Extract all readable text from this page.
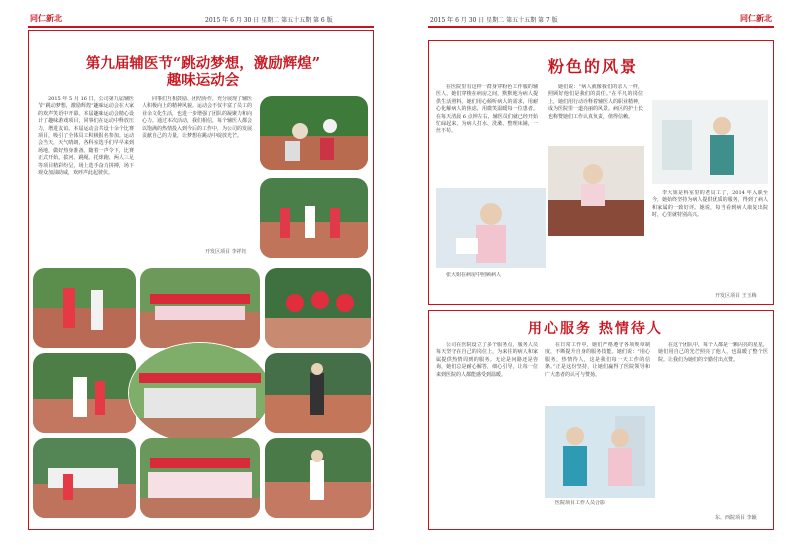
同仁新北	2015 年 6 月 30 日 星期二 第五十五期 第 6 版
第九届辅医节“跳动梦想，激励辉煌”
趣味运动会

2015 年 5 月 16 日，公司第九届辅医节“跳动梦想，激励辉煌”趣味运动会在大家的欢声笑语中开幕。本届趣味运动会精心设计了趣味游戏项目，同事们在运动中释放压力，增进友谊。本届运动会共设十余个比赛项目，吸引了全体员工积极报名参加。运动会当天，天气晴朗，各科室选手们早早来到场地，做好热身准备。随着一声令下，比赛正式开始。拔河、跳绳、托球跑、两人三足等项目精彩纷呈，场上选手奋力拼搏，场下观众加油助威，欢呼声此起彼伏。

同事们互相鼓励、团结协作，充分展现了辅医人积极向上的精神风貌。运动会不仅丰富了员工的业余文化生活，也进一步增强了团队的凝聚力和向心力。通过本次活动，我们相信，每个辅医人都会以饱满的热情投入到今后的工作中，为公司的发展贡献自己的力量，让梦想在跳动中绽放光芒。

开发区项目 李祥钰
2015 年 6 月 30 日 星期二 第五十五期 第 7 版	同仁新北
粉色的风景

在医院里有这样一群身穿粉色工作服的辅医人，她们穿梭在病房之间，默默地为病人提供生活照料。她们用心倾听病人的需求，用耐心化解病人的焦虑，用微笑温暖每一位患者。在每天清晨 6 点钟左右，辅医员们就已经开始忙碌起来，为病人打水、洗漱、整理床铺，一丝不苟。

她们说：“病人就像我们的亲人一样，照顾好他们是我们的责任。”在平凡的岗位上，她们用行动诠释着辅医人的职业精神，成为医院里一道亮丽的风景。病区的护士长也称赞她们工作认真负责，值得信赖。

李大姐是科室里的老员工了，2014 年入职至今，她始终坚持为病人提供优质的服务，得到了病人和家属的一致好评。她说，每当看到病人康复出院时，心里就特别高兴。

张大姐在病房中照顾病人

开发区项目 王玉梅
用心服务 热情待人

公司在医院设立了多个服务点，服务人员每天坚守在自己的岗位上，为来往的病人和家属提供热情周到的服务。无论是问路还是咨询，她们总是耐心解答，细心引导，让每一位来到医院的人都能感受到温暖。

在日常工作中，她们严格遵守各项规章制度，不断提升自身的服务技能。她们说：“用心服务，热情待人，这是我们每一天工作的信条。”正是这份坚持，让她们赢得了医院领导和广大患者的认可与赞扬。

在这个团队中，每个人都是一颗闪亮的星星，她们用自己的光芒照亮了他人，也温暖了整个医院。让我们为她们的辛勤付出点赞。

医院项目工作人员合影

东、西院项目 李颖
